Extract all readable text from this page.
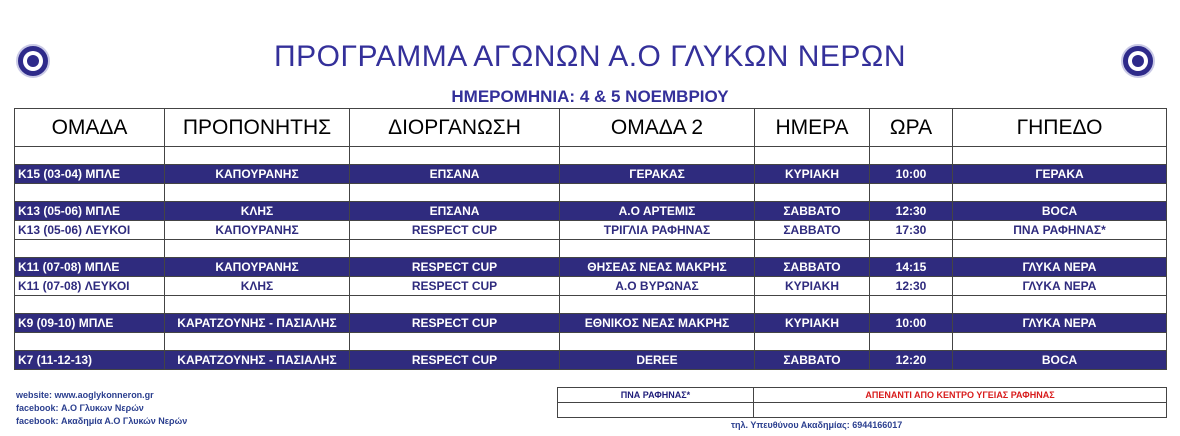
ΠΡΟΓΡΑΜΜΑ ΑΓΩΝΩΝ Α.Ο ΓΛΥΚΩΝ ΝΕΡΩΝ
ΗΜΕΡΟΜΗΝΙΑ: 4 & 5 ΝΟΕΜΒΡΙΟΥ
ΟΜΑΔΑ	ΠΡΟΠΟΝΗΤΗΣ	ΔΙΟΡΓΑΝΩΣΗ	ΟΜΑΔΑ 2	ΗΜΕΡΑ	ΩΡΑ	ΓΗΠΕΔΟ

K15 (03-04) ΜΠΛΕ	ΚΑΠΟΥΡΑΝΗΣ	ΕΠΣΑΝΑ	ΓΕΡΑΚΑΣ	ΚΥΡΙΑΚΗ	10:00	ΓΕΡΑΚΑ

K13 (05-06) ΜΠΛΕ	ΚΛΗΣ	ΕΠΣΑΝΑ	Α.Ο ΑΡΤΕΜΙΣ	ΣΑΒΒΑΤΟ	12:30	BOCA
K13 (05-06) ΛΕΥΚΟΙ	ΚΑΠΟΥΡΑΝΗΣ	RESPECT CUP	ΤΡΙΓΛΙΑ ΡΑΦΗΝΑΣ	ΣΑΒΒΑΤΟ	17:30	ΠΝΑ ΡΑΦΗΝΑΣ*

K11 (07-08) ΜΠΛΕ	ΚΑΠΟΥΡΑΝΗΣ	RESPECT CUP	ΘΗΣΕΑΣ ΝΕΑΣ ΜΑΚΡΗΣ	ΣΑΒΒΑΤΟ	14:15	ΓΛΥΚΑ ΝΕΡΑ
K11 (07-08) ΛΕΥΚΟΙ	ΚΛΗΣ	RESPECT CUP	Α.Ο ΒΥΡΩΝΑΣ	ΚΥΡΙΑΚΗ	12:30	ΓΛΥΚΑ ΝΕΡΑ

K9 (09-10) ΜΠΛΕ	ΚΑΡΑΤΖΟΥΝΗΣ - ΠΑΣΙΑΛΗΣ	RESPECT CUP	ΕΘΝΙΚΟΣ ΝΕΑΣ ΜΑΚΡΗΣ	ΚΥΡΙΑΚΗ	10:00	ΓΛΥΚΑ ΝΕΡΑ

K7 (11-12-13)	ΚΑΡΑΤΖΟΥΝΗΣ - ΠΑΣΙΑΛΗΣ	RESPECT CUP	DEREE	ΣΑΒΒΑΤΟ	12:20	BOCA
website: www.aoglykonneron.gr
facebook: Α.Ο Γλυκων Νερών
facebook: Ακαδημία Α.Ο Γλυκών Νερών
ΠΝΑ ΡΑΦΗΝΑΣ*	ΑΠΕΝΑΝΤΙ ΑΠΟ ΚΕΝΤΡΟ ΥΓΕΙΑΣ ΡΑΦΗΝΑΣ

τηλ. Υπευθύνου Ακαδημίας: 6944166017
